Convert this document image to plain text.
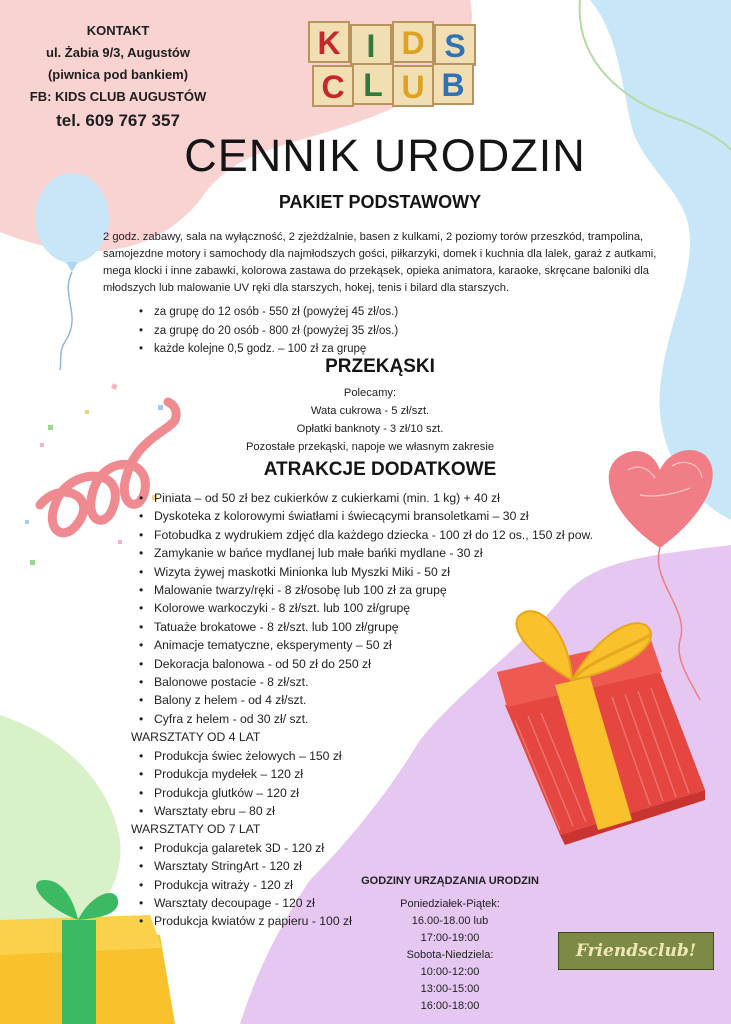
KONTAKT
ul. Żabia 9/3, Augustów
(piwnica pod bankiem)
FB: KIDS CLUB AUGUSTÓW
tel. 609 767 357
K I D S
C L U B
CENNIK URODZIN
PAKIET PODSTAWOWY
2 godz. zabawy, sala na wyłączność, 2 zjeżdżalnie, basen z kulkami, 2 poziomy torów przeszkód, trampolina, samojezdne motory i samochody dla najmłodszych gości, piłkarzyki, domek i kuchnia dla lalek, garaż z autkami, mega klocki i inne zabawki, kolorowa zastawa do przekąsek, opieka animatora, karaoke, skręcane baloniki dla młodszych lub malowanie UV ręki dla starszych, hokej, tenis i bilard dla starszych.
• za grupę do 12 osób - 550 zł (powyżej 45 zł/os.)
• za grupę do 20 osób - 800 zł (powyżej 35 zł/os.)
• każde kolejne 0,5 godz. – 100 zł za grupę
PRZEKĄSKI
Polecamy:
Wata cukrowa - 5 zł/szt.
Opłatki banknoty - 3 zł/10 szt.
Pozostałe przekąski, napoje we własnym zakresie
ATRAKCJE DODATKOWE
• Piniata – od 50 zł bez cukierków z cukierkami (min. 1 kg) + 40 zł
• Dyskoteka z kolorowymi światłami i świecącymi bransoletkami – 30 zł
• Fotobudka z wydrukiem zdjęć dla każdego dziecka - 100 zł do 12 os., 150 zł pow.
• Zamykanie w bańce mydlanej lub małe bańki mydlane - 30 zł
• Wizyta żywej maskotki Minionka lub Myszki Miki - 50 zł
• Malowanie twarzy/ręki - 8 zł/osobę lub 100 zł za grupę
• Kolorowe warkoczyki - 8 zł/szt. lub 100 zł/grupę
• Tatuaże brokatowe - 8 zł/szt. lub 100 zł/grupę
• Animacje tematyczne, eksperymenty – 50 zł
• Dekoracja balonowa - od 50 zł do 250 zł
• Balonowe postacie - 8 zł/szt.
• Balony z helem - od 4 zł/szt.
• Cyfra z helem - od 30 zł/ szt.
WARSZTATY OD 4 LAT
• Produkcja świec żelowych – 150 zł
• Produkcja mydełek – 120 zł
• Produkcja glutków – 120 zł
• Warsztaty ebru – 80 zł
WARSZTATY OD 7 LAT
• Produkcja galaretek 3D - 120 zł
• Warsztaty StringArt - 120 zł
• Produkcja witraży - 120 zł
• Warsztaty decoupage - 120 zł
• Produkcja kwiatów z papieru - 100 zł
GODZINY URZĄDZANIA URODZIN
Poniedziałek-Piątek:
16.00-18.00 lub
17:00-19:00
Sobota-Niedziela:
10:00-12:00
13:00-15:00
16:00-18:00
Friendsclub!
